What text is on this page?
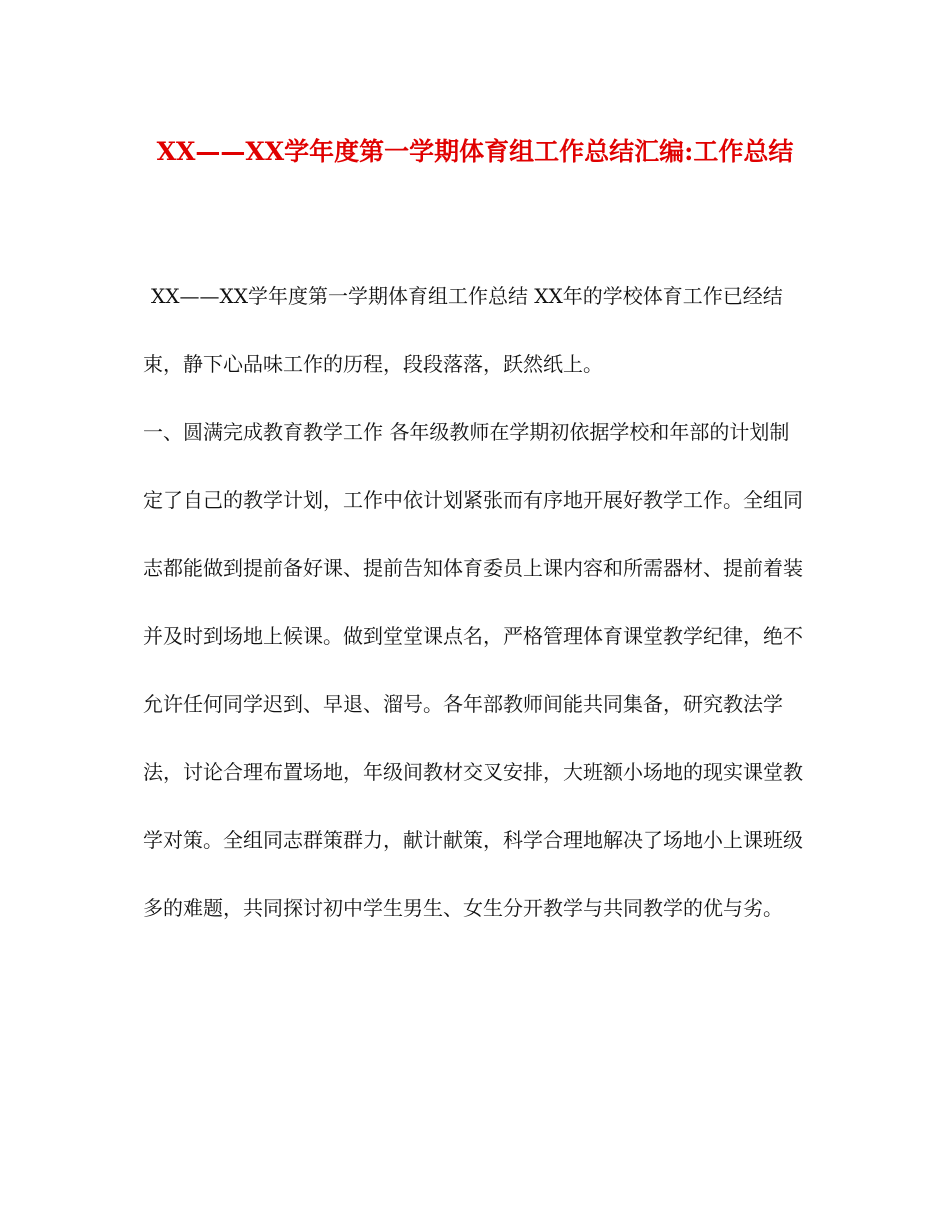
XX——XX学年度第一学期体育组工作总结汇编:工作总结

XX——XX学年度第一学期体育组工作总结 XX年的学校体育工作已经结束，静下心品味工作的历程，段段落落，跃然纸上。

一、圆满完成教育教学工作 各年级教师在学期初依据学校和年部的计划制定了自己的教学计划，工作中依计划紧张而有序地开展好教学工作。全组同志都能做到提前备好课、提前告知体育委员上课内容和所需器材、提前着装并及时到场地上候课。做到堂堂课点名，严格管理体育课堂教学纪律，绝不允许任何同学迟到、早退、溜号。各年部教师间能共同集备，研究教法学法，讨论合理布置场地，年级间教材交叉安排，大班额小场地的现实课堂教学对策。全组同志群策群力，献计献策，科学合理地解决了场地小上课班级多的难题，共同探讨初中学生男生、女生分开教学与共同教学的优与劣。
